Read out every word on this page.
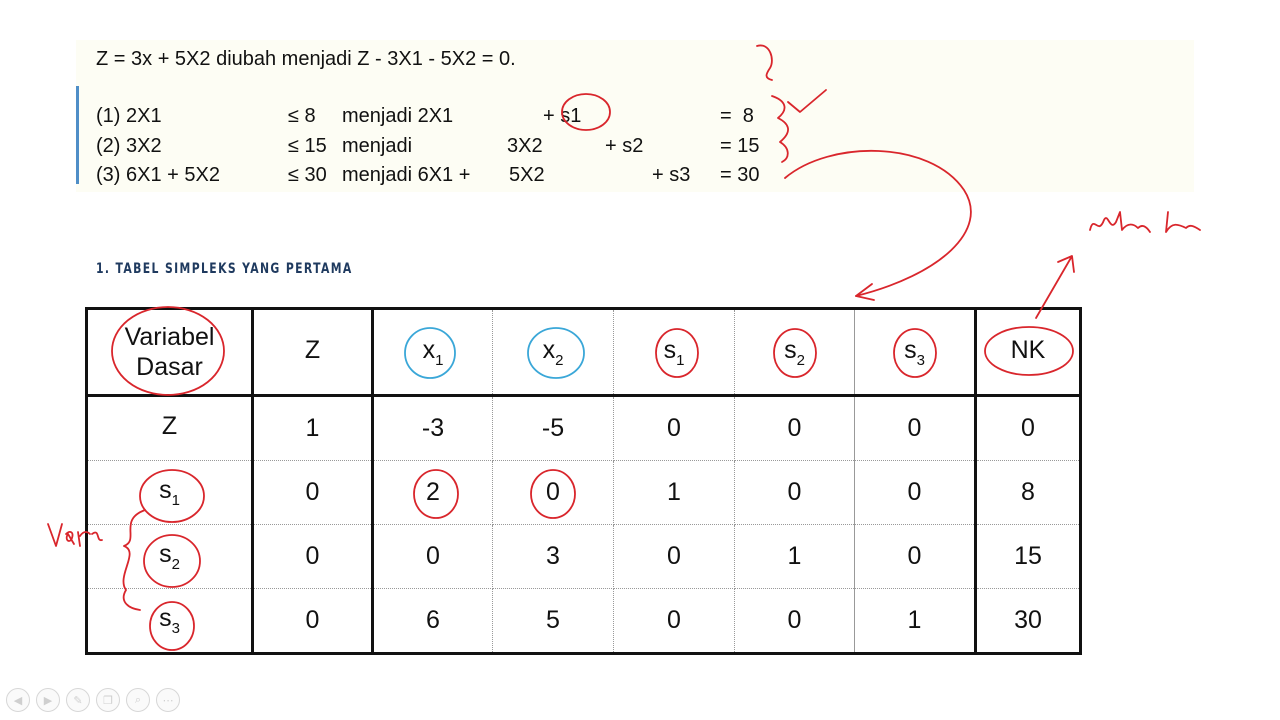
Z = 3x + 5X2 diubah menjadi Z - 3X1 - 5X2 = 0.
(1) 2X1	≤ 8 menjadi 2X1	+ s1	=  8
(2) 3X2	≤ 15 menjadi	3X2	+ s2	= 15
(3) 6X1 + 5X2	≤ 30 menjadi 6X1 + 5X2	+ s3 = 30
1. TABEL SIMPLEKS YANG PERTAMA
Variabel
Dasar	Z	$x_1$	$x_2$	$s_1$	$s_2$	$s_3$	NK
Z	1	-3	-5	0	0	0	0
$s_1$	0	2	0	1	0	0	8
$s_2$	0	0	3	0	1	0	15
$s_3$	0	6	5	0	0	1	30
◀	▶	✎	❐	⌕	⋯
